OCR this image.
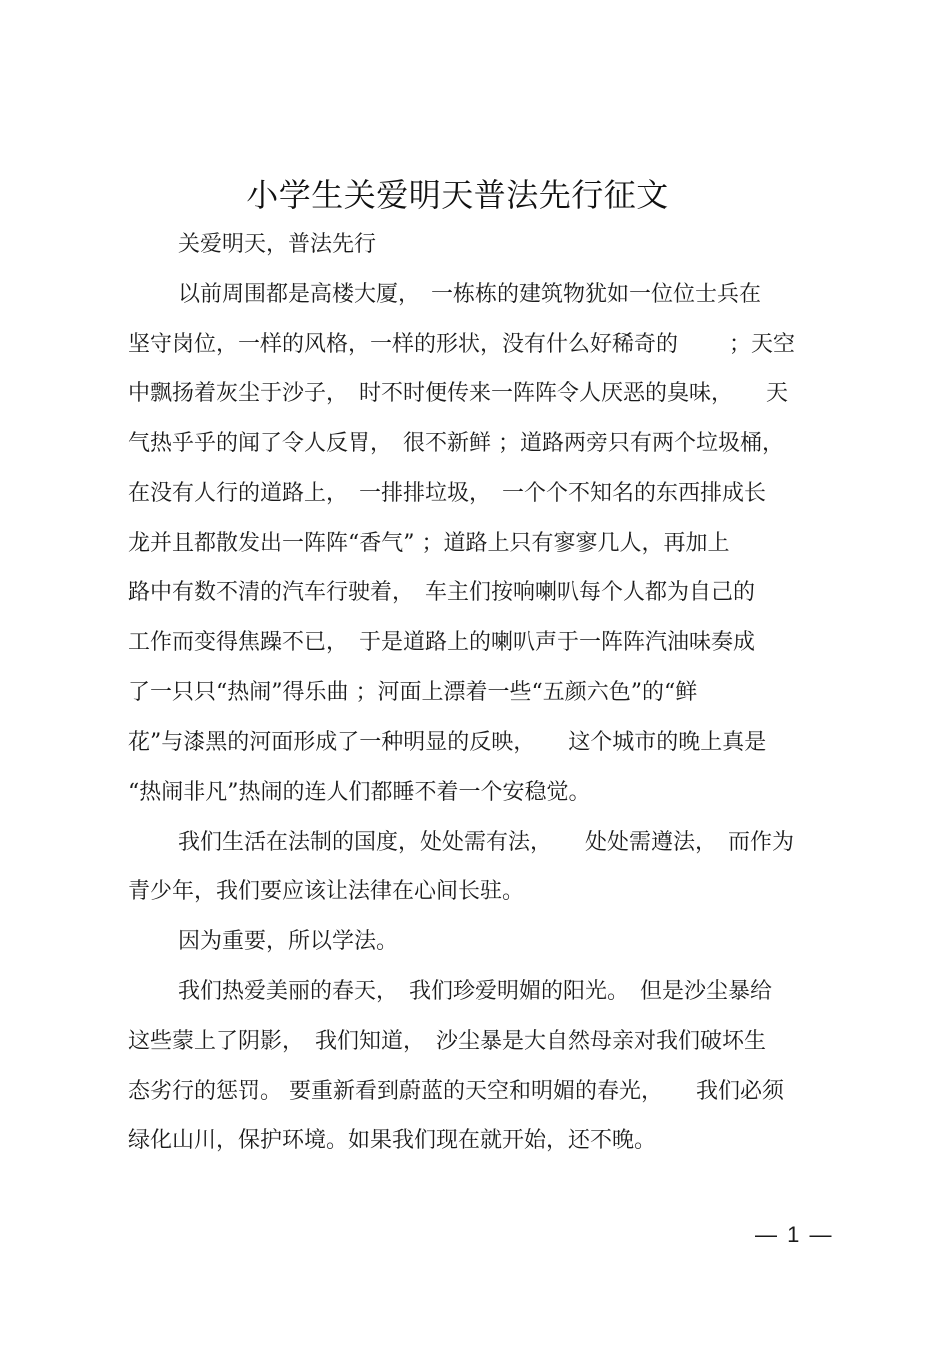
小学生关爱明天普法先行征文
关爱明天，普法先行
以前周围都是高楼大厦，　一栋栋的建筑物犹如一位位士兵在
坚守岗位，一样的风格，一样的形状，没有什么好稀奇的　　 ；天空
中飘扬着灰尘于沙子，　时不时便传来一阵阵令人厌恶的臭味，　　天
气热乎乎的闻了令人反胃，　很不新鲜 ；道路两旁只有两个垃圾桶，
在没有人行的道路上，　一排排垃圾，　一个个不知名的东西排成长
龙并且都散发出一阵阵“香气” ；道路上只有寥寥几人，再加上
路中有数不清的汽车行驶着，　车主们按响喇叭每个人都为自己的
工作而变得焦躁不已，　于是道路上的喇叭声于一阵阵汽油味奏成
了一只只“热闹”得乐曲 ；河面上漂着一些“五颜六色”的“鲜
花”与漆黑的河面形成了一种明显的反映，　　这个城市的晚上真是
“热闹非凡”热闹的连人们都睡不着一个安稳觉。
我们生活在法制的国度，处处需有法，　　处处需遵法，　而作为
青少年，我们要应该让法律在心间长驻。
因为重要，所以学法。
我们热爱美丽的春天，　我们珍爱明媚的阳光。　但是沙尘暴给
这些蒙上了阴影，　我们知道，　沙尘暴是大自然母亲对我们破坏生
态劣行的惩罚。 要重新看到蔚蓝的天空和明媚的春光，　　我们必须
绿化山川，保护环境。如果我们现在就开始，还不晚。
— 1 —
